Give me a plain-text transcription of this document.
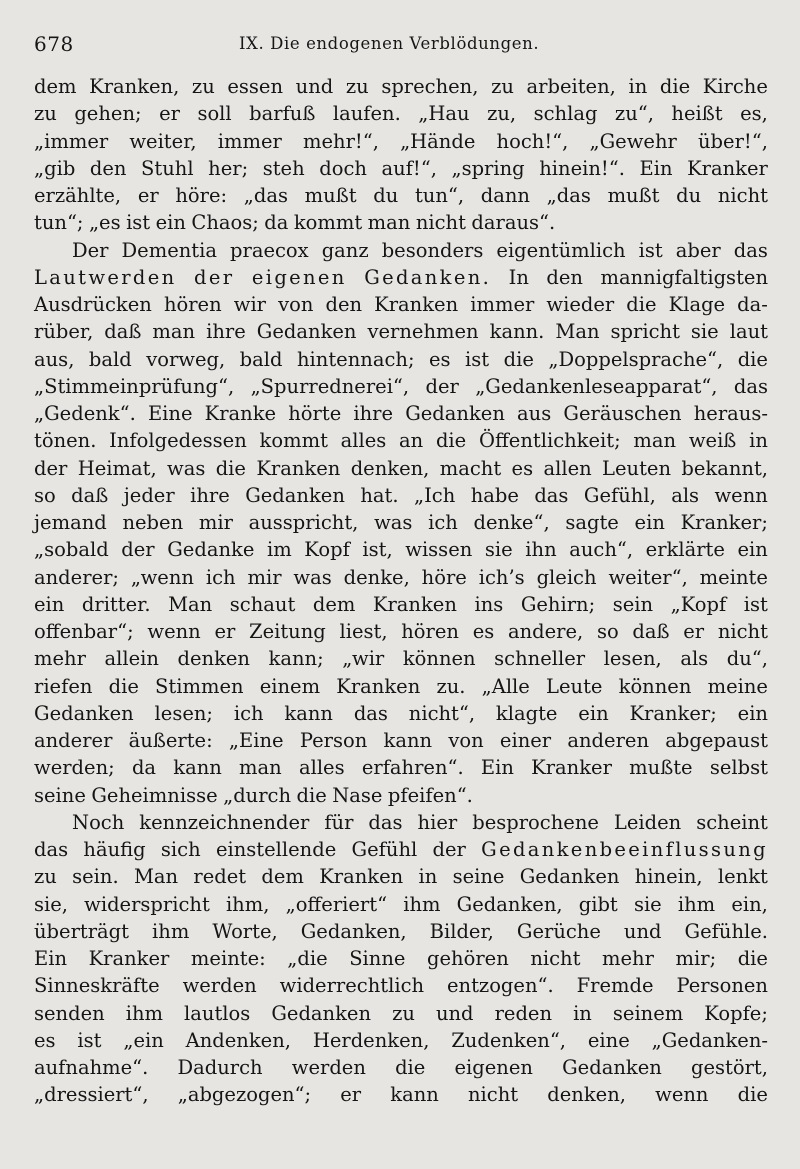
678	IX. Die endogenen Verblödungen.
dem Kranken, zu essen und zu sprechen, zu arbeiten, in die Kirche
zu gehen; er soll barfuß laufen. „Hau zu, schlag zu“, heißt es,
„immer weiter, immer mehr!“, „Hände hoch!“, „Gewehr über!“,
„gib den Stuhl her; steh doch auf!“, „spring hinein!“. Ein Kranker
erzählte, er höre: „das mußt du tun“, dann „das mußt du nicht
tun“; „es ist ein Chaos; da kommt man nicht daraus“.
Der Dementia praecox ganz besonders eigentümlich ist aber das
Lautwerden der eigenen Gedanken. In den mannigfaltigsten
Ausdrücken hören wir von den Kranken immer wieder die Klage da-
rüber, daß man ihre Gedanken vernehmen kann. Man spricht sie laut
aus, bald vorweg, bald hintennach; es ist die „Doppelsprache“, die
„Stimmeinprüfung“, „Spurrednerei“, der „Gedankenleseapparat“, das
„Gedenk“. Eine Kranke hörte ihre Gedanken aus Geräuschen heraus-
tönen. Infolgedessen kommt alles an die Öffentlichkeit; man weiß in
der Heimat, was die Kranken denken, macht es allen Leuten bekannt,
so daß jeder ihre Gedanken hat. „Ich habe das Gefühl, als wenn
jemand neben mir ausspricht, was ich denke“, sagte ein Kranker;
„sobald der Gedanke im Kopf ist, wissen sie ihn auch“, erklärte ein
anderer; „wenn ich mir was denke, höre ich’s gleich weiter“, meinte
ein dritter. Man schaut dem Kranken ins Gehirn; sein „Kopf ist
offenbar“; wenn er Zeitung liest, hören es andere, so daß er nicht
mehr allein denken kann; „wir können schneller lesen, als du“,
riefen die Stimmen einem Kranken zu. „Alle Leute können meine
Gedanken lesen; ich kann das nicht“, klagte ein Kranker; ein
anderer äußerte: „Eine Person kann von einer anderen abgepaust
werden; da kann man alles erfahren“. Ein Kranker mußte selbst
seine Geheimnisse „durch die Nase pfeifen“.
Noch kennzeichnender für das hier besprochene Leiden scheint
das häufig sich einstellende Gefühl der Gedankenbeeinflussung
zu sein. Man redet dem Kranken in seine Gedanken hinein, lenkt
sie, widerspricht ihm, „offeriert“ ihm Gedanken, gibt sie ihm ein,
überträgt ihm Worte, Gedanken, Bilder, Gerüche und Gefühle.
Ein Kranker meinte: „die Sinne gehören nicht mehr mir; die
Sinneskräfte werden widerrechtlich entzogen“. Fremde Personen
senden ihm lautlos Gedanken zu und reden in seinem Kopfe;
es ist „ein Andenken, Herdenken, Zudenken“, eine „Gedanken-
aufnahme“. Dadurch werden die eigenen Gedanken gestört,
„dressiert“, „abgezogen“; er kann nicht denken, wenn die
